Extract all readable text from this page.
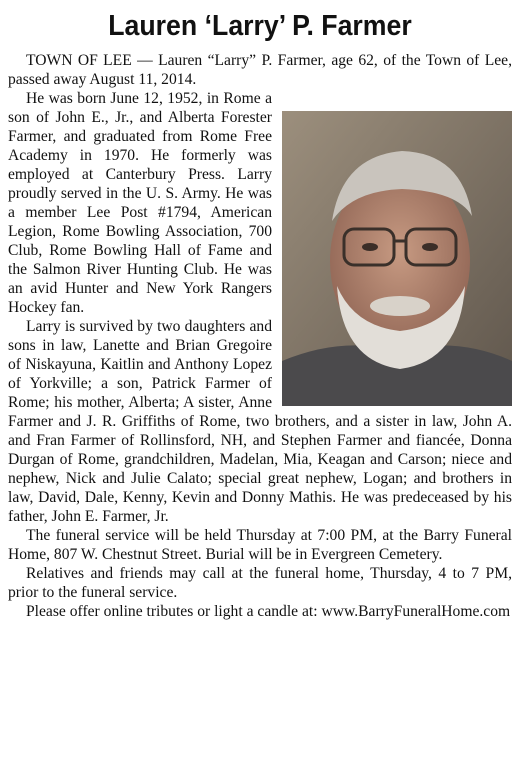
Lauren ‘Larry’ P. Farmer

TOWN OF LEE — Lauren “Larry” P. Farmer, age 62, of the Town of Lee, passed away August 11, 2014.

He was born June 12, 1952, in Rome a son of John E., Jr., and Alberta Forester Farmer, and graduated from Rome Free Academy in 1970. He formerly was employed at Canterbury Press. Larry proudly served in the U. S. Army. He was a member Lee Post #1794, American Legion, Rome Bowling Association, 700 Club, Rome Bowling Hall of Fame and the Salmon River Hunting Club. He was an avid Hunter and New York Rangers Hockey fan.

Larry is survived by two daughters and sons in law, Lanette and Brian Gregoire of Niskayuna, Kaitlin and Anthony Lopez of Yorkville; a son, Patrick Farmer of Rome; his mother, Alberta; A sister, Anne Farmer and J. R. Griffiths of Rome, two brothers, and a sister in law, John A. and Fran Farmer of Rollinsford, NH, and Stephen Farmer and fiancée, Donna Durgan of Rome, grandchildren, Madelan, Mia, Keagan and Carson; niece and nephew, Nick and Julie Calato; special great nephew, Logan; and brothers in law, David, Dale, Kenny, Kevin and Donny Mathis. He was predeceased by his father, John E. Farmer, Jr.

The funeral service will be held Thursday at 7:00 PM, at the Barry Funeral Home, 807 W. Chestnut Street. Burial will be in Evergreen Cemetery.

Relatives and friends may call at the funeral home, Thursday, 4 to 7 PM, prior to the funeral service.

Please offer online tributes or light a candle at: www.BarryFuneralHome.com
